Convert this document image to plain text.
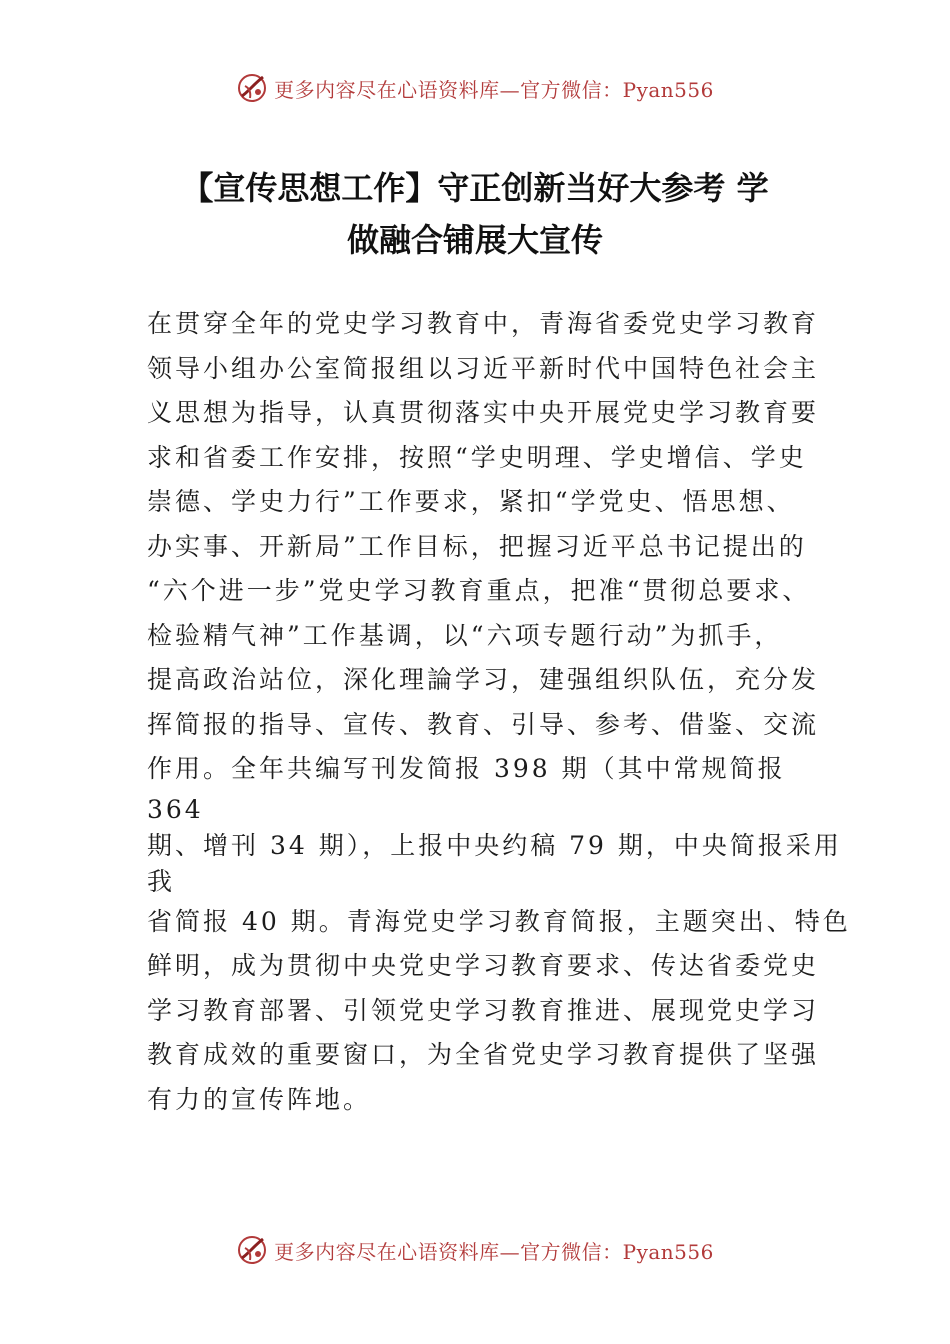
更多内容尽在心语资料库—官方微信：Pyan556
【宣传思想工作】守正创新当好大参考 学
做融合铺展大宣传
在贯穿全年的党史学习教育中，青海省委党史学习教育
领导小组办公室简报组以习近平新时代中国特色社会主
义思想为指导，认真贯彻落实中央开展党史学习教育要
求和省委工作安排，按照“学史明理、学史增信、学史
崇德、学史力行”工作要求，紧扣“学党史、悟思想、
办实事、开新局”工作目标，把握习近平总书记提出的
“六个进一步”党史学习教育重点，把准“贯彻总要求、
检验精气神”工作基调，以“六项专题行动”为抓手，
提高政治站位，深化理論学习，建强组织队伍，充分发
挥简报的指导、宣传、教育、引导、参考、借鉴、交流
作用。全年共编写刊发简报 398 期（其中常规简报
364
期、增刊 34 期），上报中央约稿 79 期，中央简报采用
我
省简报 40 期。青海党史学习教育简报，主题突出、特色
鲜明，成为贯彻中央党史学习教育要求、传达省委党史
学习教育部署、引领党史学习教育推进、展现党史学习
教育成效的重要窗口，为全省党史学习教育提供了坚强
有力的宣传阵地。
更多内容尽在心语资料库—官方微信：Pyan556
